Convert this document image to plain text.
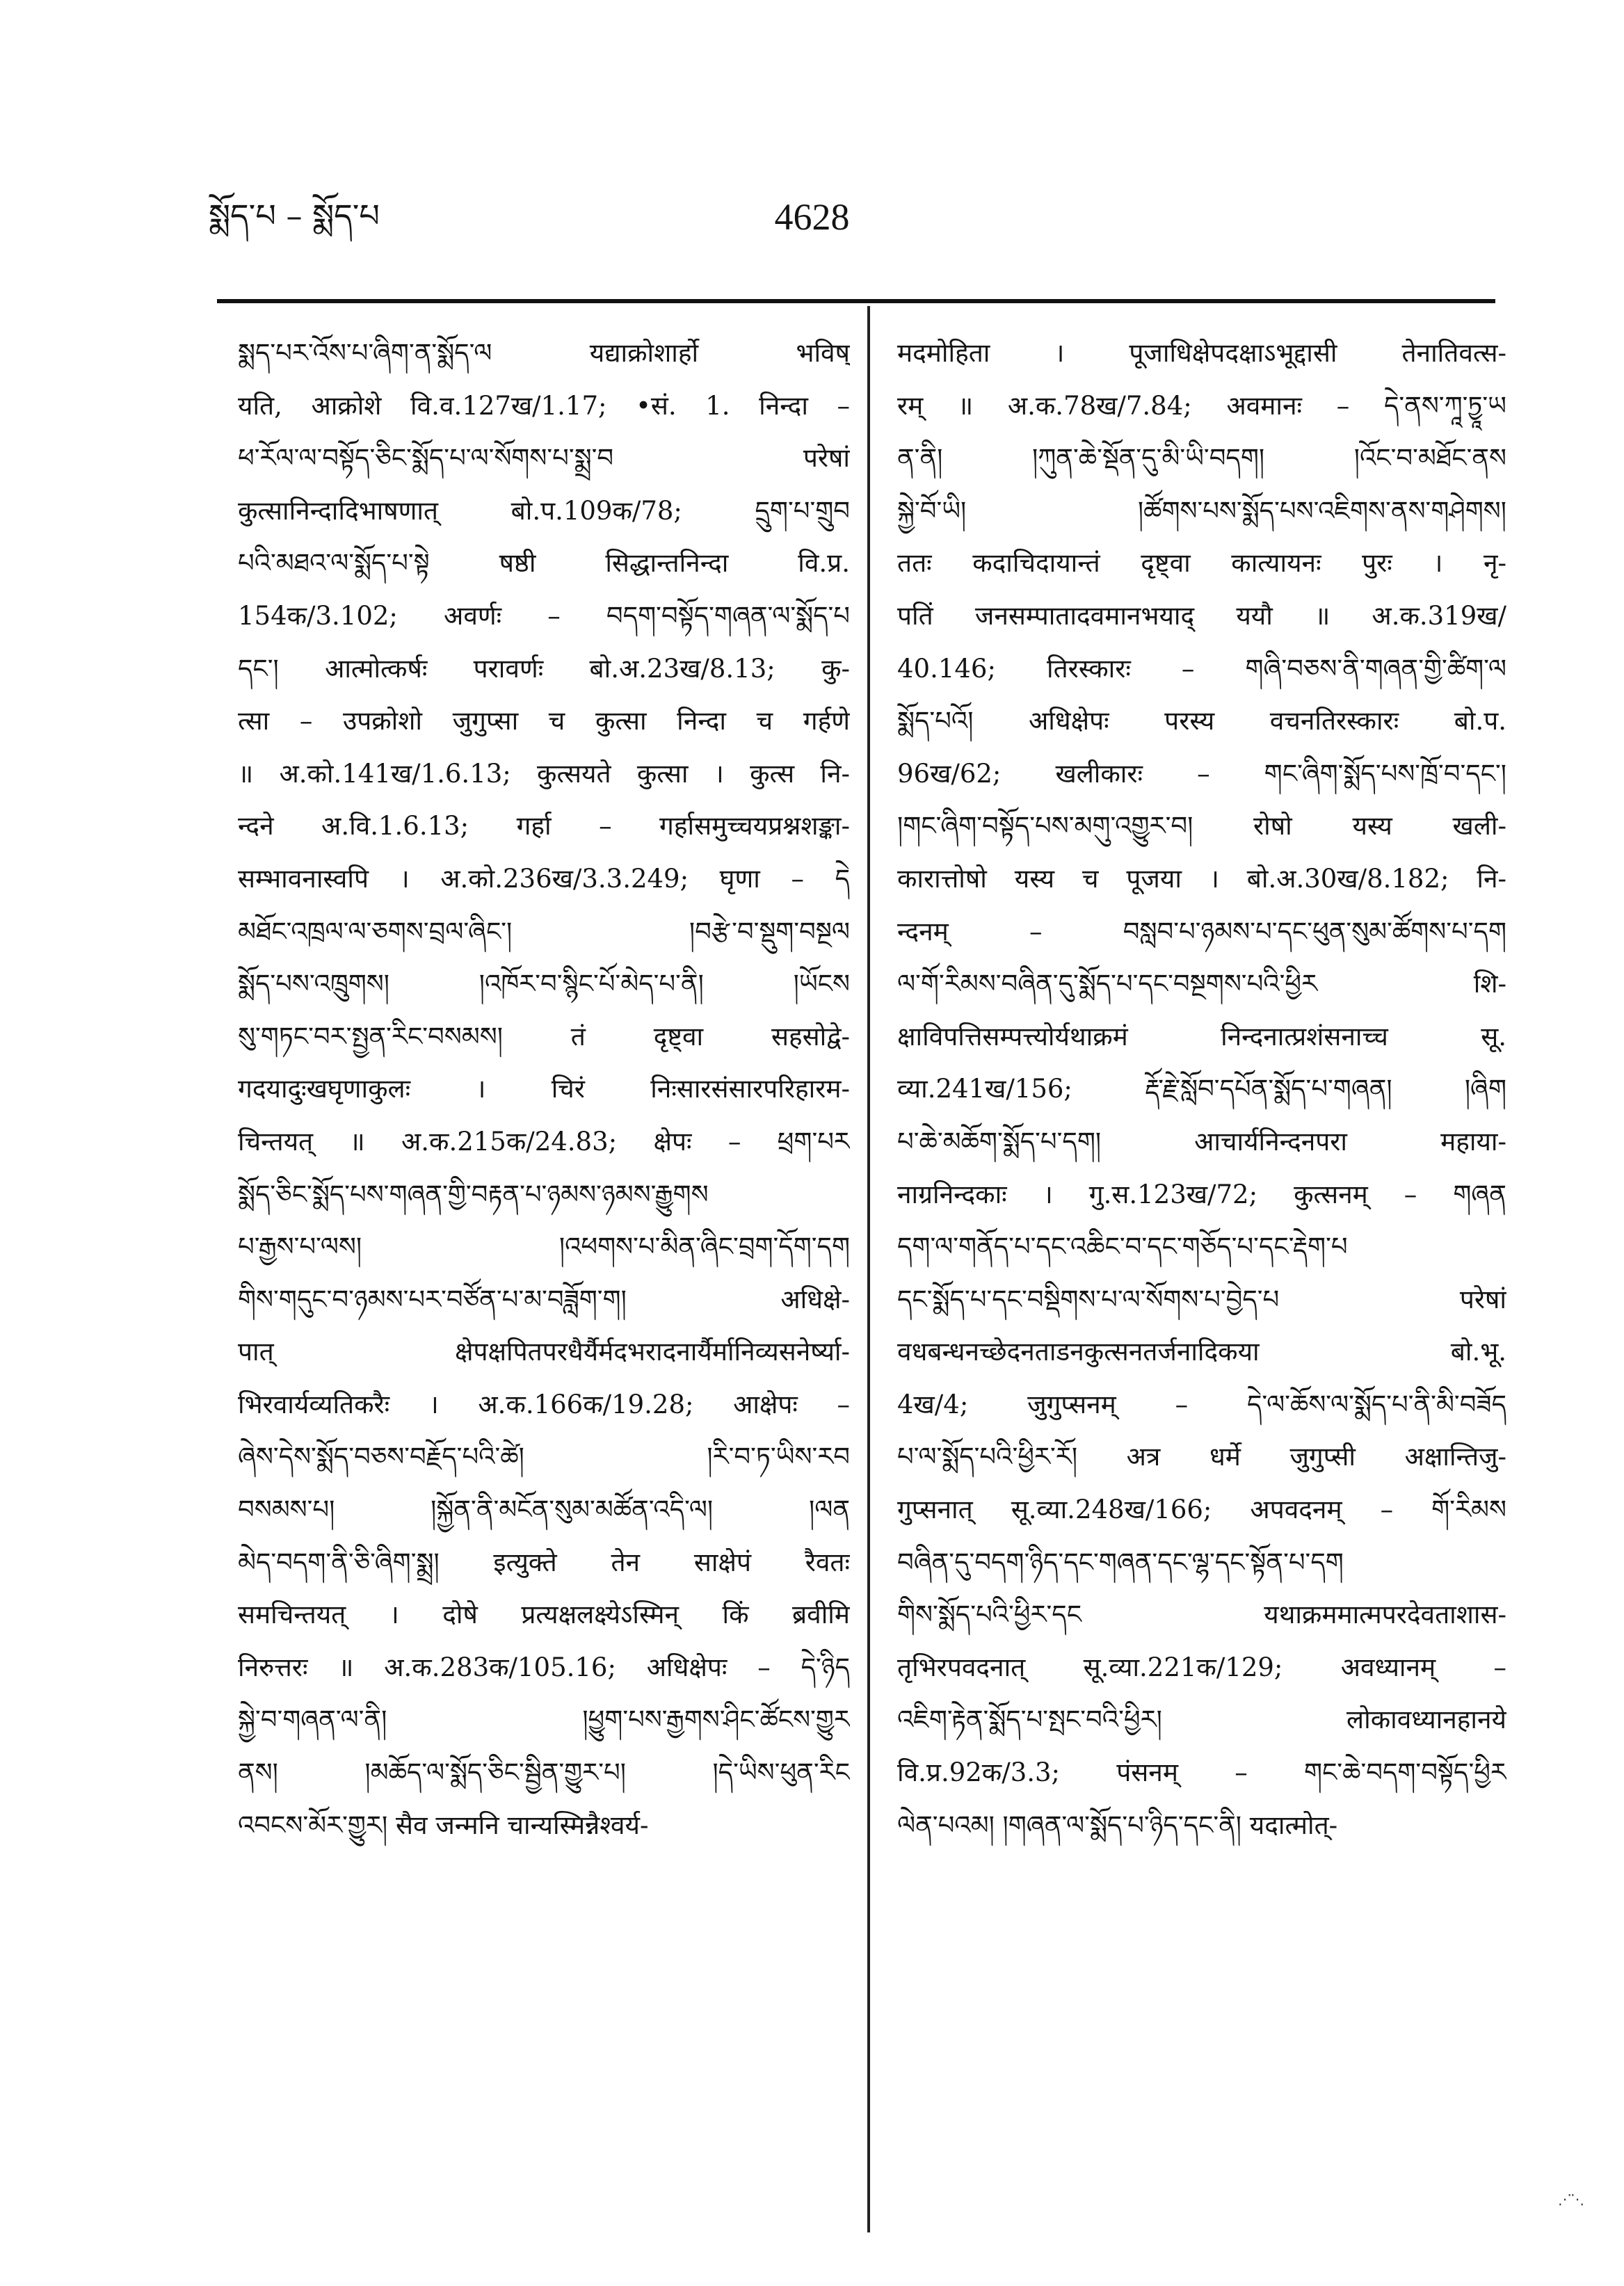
སྨོད་པ – སྨོད་པ	4628
སྨད་པར་འོས་པ་ཞིག་ན་སྨོད་ལ यद्याक्रोशार्हो भविष्
यति, आक्रोशे वि.व.127ख/1.17; •सं. 1. निन्दा –
ཕ་རོལ་ལ་བསྟོད་ཅིང་སྨོད་པ་ལ་སོགས་པ་སྨྲ་བ परेषां
कुत्सानिन्दादिभाषणात् बो.प.109क/78; དྲུག་པ་གྲུབ
པའི་མཐའ་ལ་སྨོད་པ་སྟེ षष्ठी सिद्धान्तनिन्दा वि.प्र.
154क/3.102; अवर्णः – བདག་བསྟོད་གཞན་ལ་སྨོད་པ
དང་། आत्मोत्कर्षः परावर्णः बो.अ.23ख/8.13; कु-
त्सा – उपक्रोशो जुगुप्सा च कुत्सा निन्दा च गर्हणे
॥ अ.को.141ख/1.6.13; कुत्सयते कुत्सा । कुत्स नि-
न्दने अ.वि.1.6.13; गर्हा – गर्हासमुच्चयप्रश्नशङ्का-
सम्भावनास्वपि । अ.को.236ख/3.3.249; घृणा – དེ
མཐོང་འཁྲལ་ལ་ཅགས་བྲལ་ཞིང་། །བརྩེ་བ་སྡུག་བསྔལ
སྨོད་པས་འཁྲུགས། །འཁོར་བ་སྙིང་པོ་མེད་པ་ནི། །ཡོངས
སུ་གཏང་བར་སྤྱན་རིང་བསམས། तं दृष्ट्वा सहसोद्वे-
गदयादुःखघृणाकुलः । चिरं निःसारसंसारपरिहारम-
चिन्तयत् ॥ अ.क.215क/24.83; क्षेपः – ཕྲག་པར
སྨོད་ཅིང་སྨོད་པས་གཞན་གྱི་བརྟན་པ་ཉམས་ཉམས་རྒྱུགས
པ་རྒྱས་པ་ལས། །འཕགས་པ་མིན་ཞིང་བྲག་དོག་དག
གིས་གདུང་བ་ཉམས་པར་བཙོན་པ་མ་བཟློག་ག། अधिक्षे-
पात् क्षेपक्षपितपरधैर्यैर्मदभरादनार्यैर्मानिव्यसनेर्ष्या-
भिरवार्यव्यतिकरैः । अ.क.166क/19.28; आक्षेपः –
ཞེས་དེས་སྨོད་བཅས་བརྗོད་པའི་ཚེ། །རི་བ་ཏ་ཡིས་རབ
བསམས་པ། །སྐྱོན་ནི་མངོན་སུམ་མཚོན་འདི་ལ། །ལན
མེད་བདག་ནི་ཅི་ཞིག་སྨྲ། इत्युक्ते तेन साक्षेपं रैवतः
समचिन्तयत् । दोषे प्रत्यक्षलक्ष्येऽस्मिन् किं ब्रवीमि
निरुत्तरः ॥ अ.क.283क/105.16; अधिक्षेपः – དེ་ཉིད
སྐྱེ་བ་གཞན་ལ་ནི། །ཕྱུག་པས་རྒྱགས་ཤིང་ཚོངས་གྱུར
ནས། །མཆོད་ལ་སྨོད་ཅིང་སྦྱིན་གྱུར་པ། །དེ་ཡིས་ཕུན་རིང
འབངས་མོར་གྱུར། सैव जन्मनि चान्यस्मिन्नैश्वर्य-
मदमोहिता । पूजाधिक्षेपदक्षाऽभूद्दासी तेनातिवत्स-
रम् ॥ अ.क.78ख/7.84; अवमानः – དེ་ནས་ཀཱ་ཏྱཱ་ཡ
ན་ནི། །ཀུན་ཆེ་སྡོན་དུ་མི་ཡི་བདག། །འོང་བ་མཐོང་ནས
སྐྱེ་བོ་ཡི། །ཚོགས་པས་སྨོད་པས་འཇིགས་ནས་གཤེགས།
ततः कदाचिदायान्तं दृष्ट्वा कात्यायनः पुरः । नृ-
पतिं जनसम्पातादवमानभयाद् ययौ ॥ अ.क.319ख/
40.146; तिरस्कारः – གཞི་བཅས་ནི་གཞན་གྱི་ཚིག་ལ
སྨོད་པའོ། अधिक्षेपः परस्य वचनतिरस्कारः बो.प.
96ख/62; खलीकारः – གང་ཞིག་སྨོད་པས་ཁྲོ་བ་དང་།
།གང་ཞིག་བསྟོད་པས་མགུ་འགྱུར་བ། रोषो यस्य खली-
कारात्तोषो यस्य च पूजया । बो.अ.30ख/8.182; नि-
न्दनम् – བསླབ་པ་ཉམས་པ་དང་ཕུན་སུམ་ཚོགས་པ་དག
ལ་གོ་རིམས་བཞིན་དུ་སྨོད་པ་དང་བསྔགས་པའི་ཕྱིར शि-
क्षाविपत्तिसम्पत्त्योर्यथाक्रमं निन्दनात्प्रशंसनाच्च सू.
व्या.241ख/156; རྡོ་རྗེ་སློབ་དཔོན་སྨོད་པ་གཞན། །ཞིག
པ་ཆེ་མཆོག་སྨོད་པ་དག། आचार्यनिन्दनपरा महाया-
नाग्रनिन्दकाः । गु.स.123ख/72; कुत्सनम् – གཞན
དག་ལ་གནོད་པ་དང་འཆིང་བ་དང་གཅོད་པ་དང་རྡེག་པ
དང་སྨོད་པ་དང་བསྡིགས་པ་ལ་སོགས་པ་བྱེད་པ परेषां
वधबन्धनच्छेदनताडनकुत्सनतर्जनादिकया बो.भू.
4ख/4; जुगुप्सनम् – དེ་ལ་ཆོས་ལ་སྨོད་པ་ནི་མི་བཟོད
པ་ལ་སྨོད་པའི་ཕྱིར་རོ། अत्र धर्मे जुगुप्सी अक्षान्तिजु-
गुप्सनात् सू.व्या.248ख/166; अपवदनम् – གོ་རིམས
བཞིན་དུ་བདག་ཉིད་དང་གཞན་དང་ལྷ་དང་སྟོན་པ་དག
གིས་སྨོད་པའི་ཕྱིར་དང यथाक्रममात्मपरदेवताशास-
तृभिरपवदनात् सू.व्या.221क/129; अवध्यानम् –
འཇིག་རྟེན་སྨོད་པ་སྤང་བའི་ཕྱིར། लोकावध्यानहानये
वि.प्र.92क/3.3; पंसनम् – གང་ཆེ་བདག་བསྟོད་ཕྱིར
ལེན་པའམ། །གཞན་ལ་སྨོད་པ་ཉིད་དང་ནི། यदात्मोत्-
⋰⋱
